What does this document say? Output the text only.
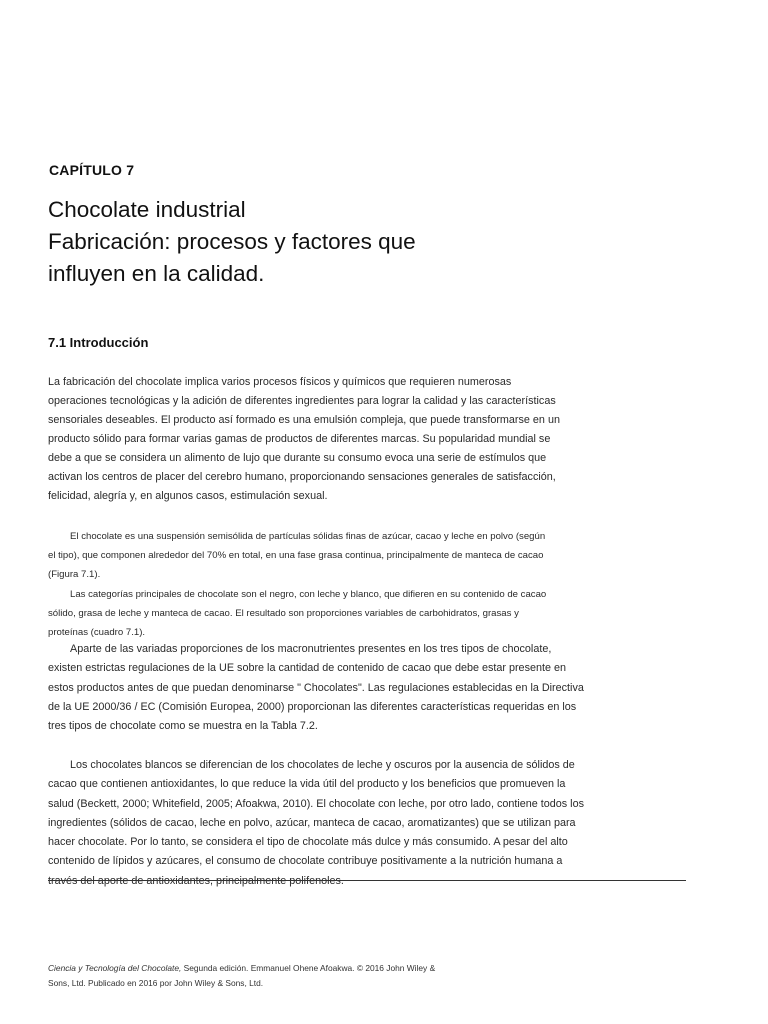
CAPÍTULO 7
Chocolate industrial
Fabricación: procesos y factores que
influyen en la calidad.
7.1 Introducción
La fabricación del chocolate implica varios procesos físicos y químicos que requieren numerosas
operaciones tecnológicas y la adición de diferentes ingredientes para lograr la calidad y las características
sensoriales deseables. El producto así formado es una emulsión compleja, que puede transformarse en un
producto sólido para formar varias gamas de productos de diferentes marcas. Su popularidad mundial se
debe a que se considera un alimento de lujo que durante su consumo evoca una serie de estímulos que
activan los centros de placer del cerebro humano, proporcionando sensaciones generales de satisfacción,
felicidad, alegría y, en algunos casos, estimulación sexual.
El chocolate es una suspensión semisólida de partículas sólidas finas de azúcar, cacao y leche en polvo (según
el tipo), que componen alrededor del 70% en total, en una fase grasa continua, principalmente de manteca de cacao
(Figura 7.1).
Las categorías principales de chocolate son el negro, con leche y blanco, que difieren en su contenido de cacao
sólido, grasa de leche y manteca de cacao. El resultado son proporciones variables de carbohidratos, grasas y
proteínas (cuadro 7.1).
Aparte de las variadas proporciones de los macronutrientes presentes en los tres tipos de chocolate,
existen estrictas regulaciones de la UE sobre la cantidad de contenido de cacao que debe estar presente en
estos productos antes de que puedan denominarse " Chocolates". Las regulaciones establecidas en la Directiva
de la UE 2000/36 / EC (Comisión Europea, 2000) proporcionan las diferentes características requeridas en los
tres tipos de chocolate como se muestra en la Tabla 7.2.
Los chocolates blancos se diferencian de los chocolates de leche y oscuros por la ausencia de sólidos de
cacao que contienen antioxidantes, lo que reduce la vida útil del producto y los beneficios que promueven la
salud (Beckett, 2000; Whitefield, 2005; Afoakwa, 2010). El chocolate con leche, por otro lado, contiene todos los
ingredientes (sólidos de cacao, leche en polvo, azúcar, manteca de cacao, aromatizantes) que se utilizan para
hacer chocolate. Por lo tanto, se considera el tipo de chocolate más dulce y más consumido. A pesar del alto
contenido de lípidos y azúcares, el consumo de chocolate contribuye positivamente a la nutrición humana a
través del aporte de antioxidantes, principalmente polifenoles.
Ciencia y Tecnología del Chocolate, Segunda edición. Emmanuel Ohene Afoakwa. © 2016 John Wiley &
Sons, Ltd. Publicado en 2016 por John Wiley & Sons, Ltd.
